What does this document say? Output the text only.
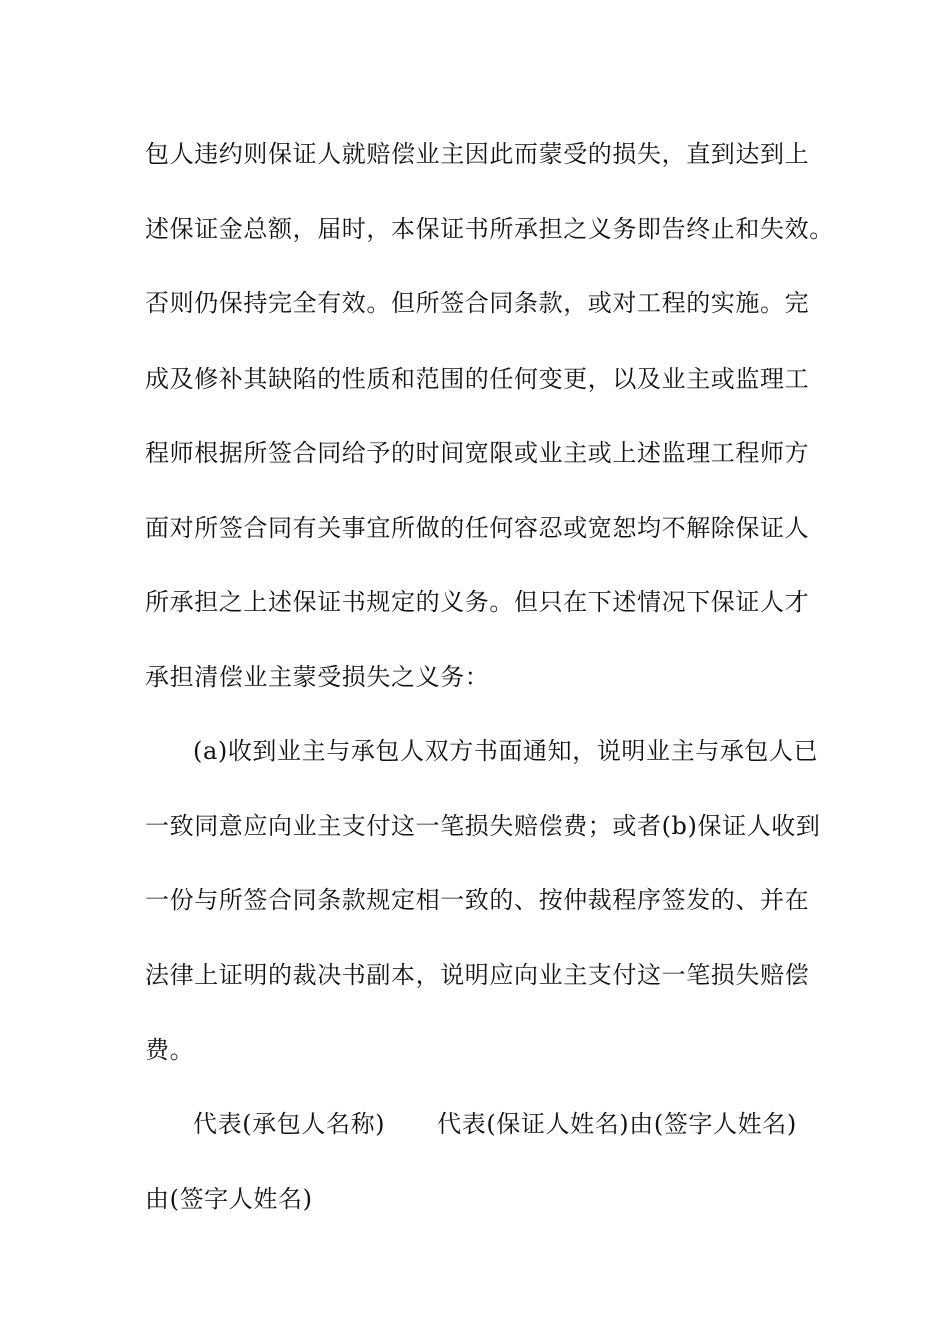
包人违约则保证人就赔偿业主因此而蒙受的损失，直到达到上
述保证金总额，届时，本保证书所承担之义务即告终止和失效。
否则仍保持完全有效。但所签合同条款，或对工程的实施。完
成及修补其缺陷的性质和范围的任何变更，以及业主或监理工
程师根据所签合同给予的时间宽限或业主或上述监理工程师方
面对所签合同有关事宜所做的任何容忍或宽恕均不解除保证人
所承担之上述保证书规定的义务。但只在下述情况下保证人才
承担清偿业主蒙受损失之义务：
(a)收到业主与承包人双方书面通知，说明业主与承包人已
一致同意应向业主支付这一笔损失赔偿费；或者(b)保证人收到
一份与所签合同条款规定相一致的、按仲裁程序签发的、并在
法律上证明的裁决书副本，说明应向业主支付这一笔损失赔偿
费。
代表(承包人名称) 代表(保证人姓名)由(签字人姓名)
由(签字人姓名)
